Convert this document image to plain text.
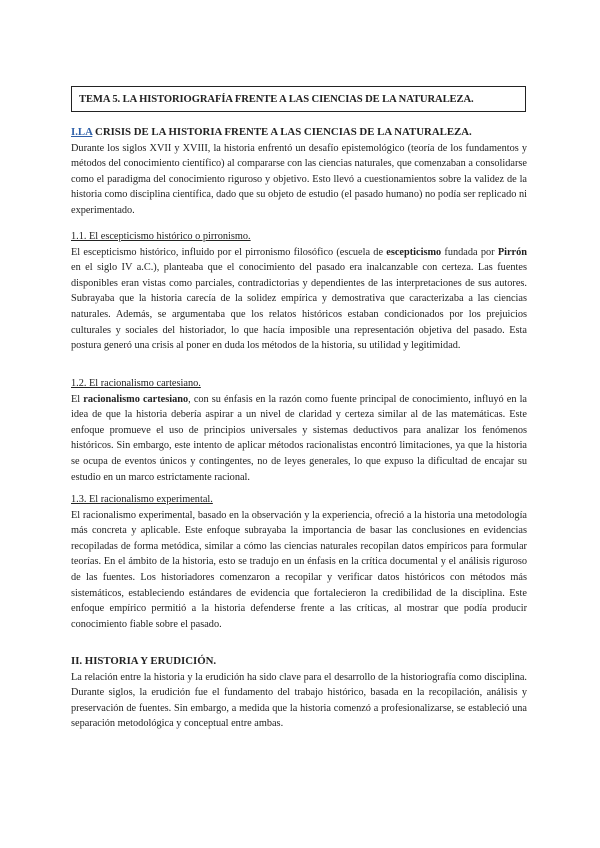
TEMA 5. LA HISTORIOGRAFÍA FRENTE A LAS CIENCIAS DE LA NATURALEZA.

I.LA CRISIS DE LA HISTORIA FRENTE A LAS CIENCIAS DE LA NATURALEZA.

Durante los siglos XVII y XVIII, la historia enfrentó un desafío epistemológico (teoría de los fundamentos y métodos del conocimiento científico) al compararse con las ciencias naturales, que comenzaban a consolidarse como el paradigma del conocimiento riguroso y objetivo. Esto llevó a cuestionamientos sobre la validez de la historia como disciplina científica, dado que su objeto de estudio (el pasado humano) no podía ser replicado ni experimentado.

1.1. El escepticismo histórico o pirronismo.

El escepticismo histórico, influido por el pirronismo filosófico (escuela de escepticismo fundada por Pirrón en el siglo IV a.C.), planteaba que el conocimiento del pasado era inalcanzable con certeza. Las fuentes disponibles eran vistas como parciales, contradictorias y dependientes de las interpretaciones de sus autores. Subrayaba que la historia carecía de la solidez empírica y demostrativa que caracterizaba a las ciencias naturales. Además, se argumentaba que los relatos históricos estaban condicionados por los prejuicios culturales y sociales del historiador, lo que hacía imposible una representación objetiva del pasado. Esta postura generó una crisis al poner en duda los métodos de la historia, su utilidad y legitimidad.

1.2. El racionalismo cartesiano.

El racionalismo cartesiano, con su énfasis en la razón como fuente principal de conocimiento, influyó en la idea de que la historia debería aspirar a un nivel de claridad y certeza similar al de las matemáticas. Este enfoque promueve el uso de principios universales y sistemas deductivos para analizar los fenómenos históricos. Sin embargo, este intento de aplicar métodos racionalistas encontró limitaciones, ya que la historia se ocupa de eventos únicos y contingentes, no de leyes generales, lo que expuso la dificultad de encajar su estudio en un marco estrictamente racional.

1.3. El racionalismo experimental.

El racionalismo experimental, basado en la observación y la experiencia, ofreció a la historia una metodología más concreta y aplicable. Este enfoque subrayaba la importancia de basar las conclusiones en evidencias recopiladas de forma metódica, similar a cómo las ciencias naturales recopilan datos empíricos para formular teorías. En el ámbito de la historia, esto se tradujo en un énfasis en la crítica documental y el análisis riguroso de las fuentes. Los historiadores comenzaron a recopilar y verificar datos históricos con métodos más sistemáticos, estableciendo estándares de evidencia que fortalecieron la credibilidad de la disciplina. Este enfoque empírico permitió a la historia defenderse frente a las críticas, al mostrar que podía producir conocimiento fiable sobre el pasado.

II. HISTORIA Y ERUDICIÓN.

La relación entre la historia y la erudición ha sido clave para el desarrollo de la historiografía como disciplina. Durante siglos, la erudición fue el fundamento del trabajo histórico, basada en la recopilación, análisis y preservación de fuentes. Sin embargo, a medida que la historia comenzó a profesionalizarse, se estableció una separación metodológica y conceptual entre ambas.
